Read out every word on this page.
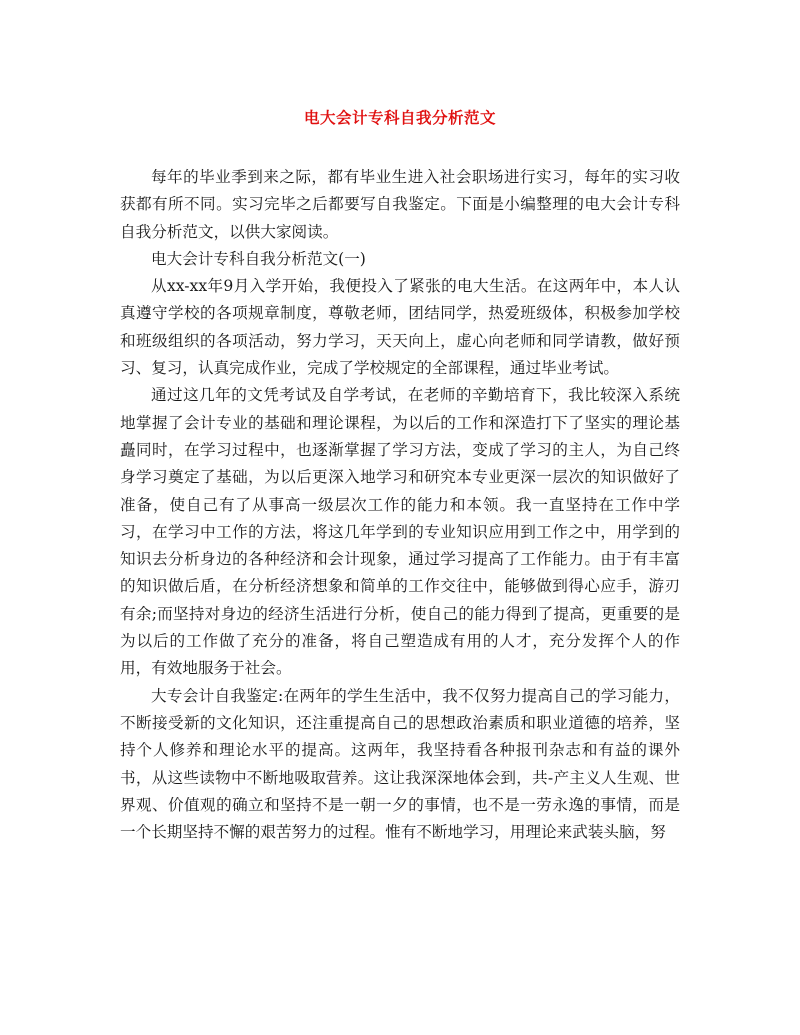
电大会计专科自我分析范文

每年的毕业季到来之际，都有毕业生进入社会职场进行实习，每年的实习收获都有所不同。实习完毕之后都要写自我鉴定。下面是小编整理的电大会计专科自我分析范文，以供大家阅读。

电大会计专科自我分析范文(一)

从xx-xx年9月入学开始，我便投入了紧张的电大生活。在这两年中，本人认真遵守学校的各项规章制度，尊敬老师，团结同学，热爱班级体，积极参加学校和班级组织的各项活动，努力学习，天天向上，虚心向老师和同学请教，做好预习、复习，认真完成作业，完成了学校规定的全部课程，通过毕业考试。

通过这几年的文凭考试及自学考试，在老师的辛勤培育下，我比较深入系统地掌握了会计专业的基础和理论课程，为以后的工作和深造打下了坚实的理论基矗同时，在学习过程中，也逐渐掌握了学习方法，变成了学习的主人，为自己终身学习奠定了基础，为以后更深入地学习和研究本专业更深一层次的知识做好了准备，使自己有了从事高一级层次工作的能力和本领。我一直坚持在工作中学习，在学习中工作的方法，将这几年学到的专业知识应用到工作之中，用学到的知识去分析身边的各种经济和会计现象，通过学习提高了工作能力。由于有丰富的知识做后盾，在分析经济想象和简单的工作交往中，能够做到得心应手，游刃有余;而坚持对身边的经济生活进行分析，使自己的能力得到了提高，更重要的是为以后的工作做了充分的准备，将自己塑造成有用的人才，充分发挥个人的作用，有效地服务于社会。

大专会计自我鉴定:在两年的学生生活中，我不仅努力提高自己的学习能力，不断接受新的文化知识，还注重提高自己的思想政治素质和职业道德的培养，坚持个人修养和理论水平的提高。这两年，我坚持看各种报刊杂志和有益的课外书，从这些读物中不断地吸取营养。这让我深深地体会到，共-产主义人生观、世界观、价值观的确立和坚持不是一朝一夕的事情，也不是一劳永逸的事情，而是一个长期坚持不懈的艰苦努力的过程。惟有不断地学习，用理论来武装头脑，努
